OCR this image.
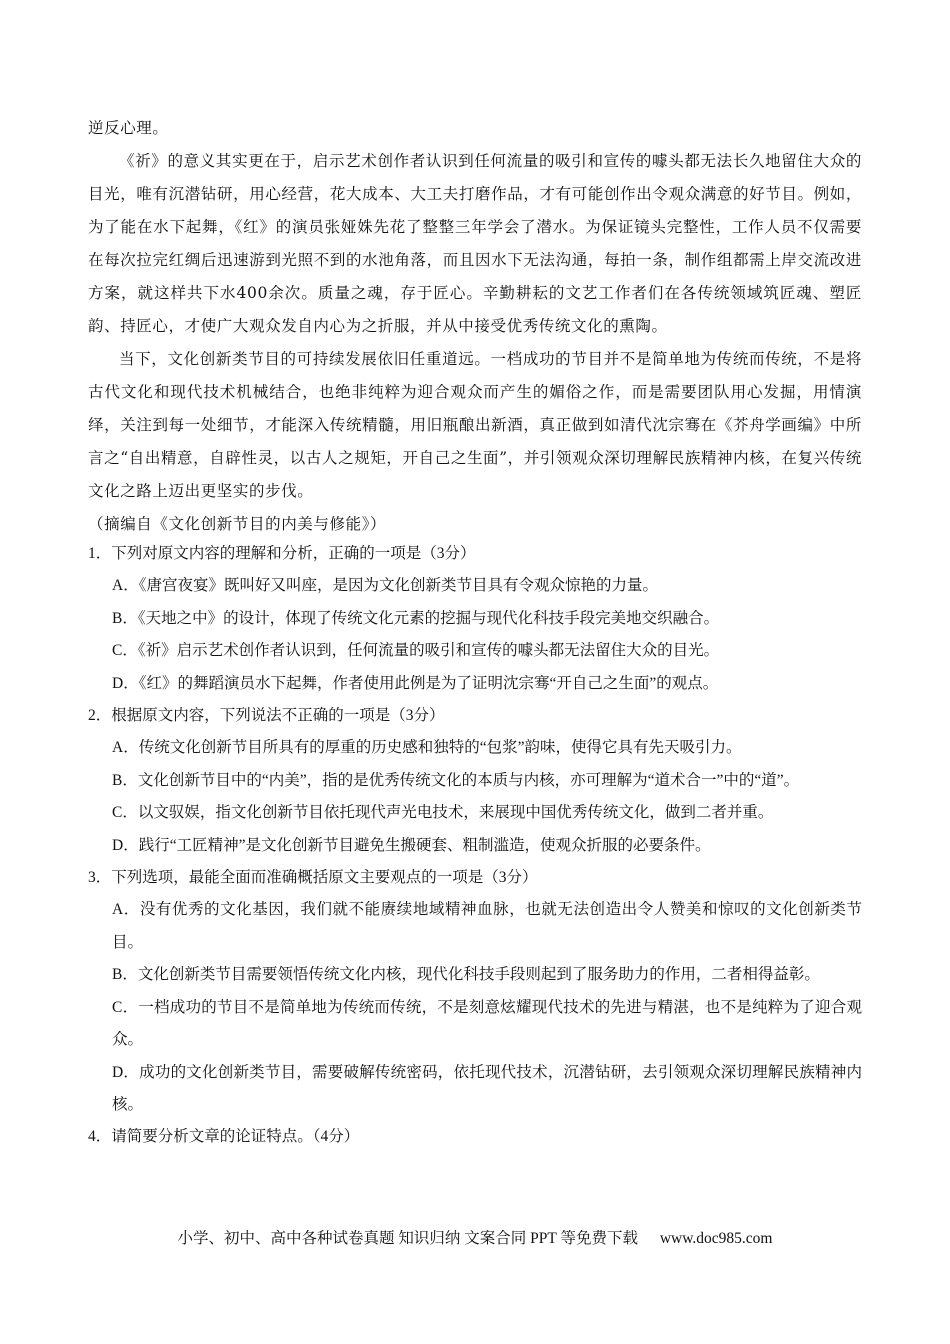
逆反心理。

《祈》的意义其实更在于，启示艺术创作者认识到任何流量的吸引和宣传的噱头都无法长久地留住大众的目光，唯有沉潜钻研，用心经营，花大成本、大工夫打磨作品，才有可能创作出令观众满意的好节目。例如，为了能在水下起舞，《红》的演员张娅姝先花了整整三年学会了潜水。为保证镜头完整性，工作人员不仅需要在每次拉完红绸后迅速游到光照不到的水池角落，而且因水下无法沟通，每拍一条，制作组都需上岸交流改进方案，就这样共下水400余次。质量之魂，存于匠心。辛勤耕耘的文艺工作者们在各传统领域筑匠魂、塑匠韵、持匠心，才使广大观众发自内心为之折服，并从中接受优秀传统文化的熏陶。

当下，文化创新类节目的可持续发展依旧任重道远。一档成功的节目并不是简单地为传统而传统，不是将古代文化和现代技术机械结合，也绝非纯粹为迎合观众而产生的媚俗之作，而是需要团队用心发掘，用情演绎，关注到每一处细节，才能深入传统精髓，用旧瓶酿出新酒，真正做到如清代沈宗骞在《芥舟学画编》中所言之“自出精意，自辟性灵，以古人之规矩，开自己之生面”，并引领观众深切理解民族精神内核，在复兴传统文化之路上迈出更坚实的步伐。

（摘编自《文化创新节目的内美与修能》）

1．下列对原文内容的理解和分析，正确的一项是（3分）

A．《唐宫夜宴》既叫好又叫座，是因为文化创新类节目具有令观众惊艳的力量。

B．《天地之中》的设计，体现了传统文化元素的挖掘与现代化科技手段完美地交织融合。

C．《祈》启示艺术创作者认识到，任何流量的吸引和宣传的噱头都无法留住大众的目光。

D．《红》的舞蹈演员水下起舞，作者使用此例是为了证明沈宗骞“开自己之生面”的观点。

2．根据原文内容，下列说法不正确的一项是（3分）

A．传统文化创新节目所具有的厚重的历史感和独特的“包浆”韵味，使得它具有先天吸引力。

B．文化创新节目中的“内美”，指的是优秀传统文化的本质与内核，亦可理解为“道术合一”中的“道”。

C．以文驭娱，指文化创新节目依托现代声光电技术，来展现中国优秀传统文化，做到二者并重。

D．践行“工匠精神”是文化创新节目避免生搬硬套、粗制滥造，使观众折服的必要条件。

3．下列选项，最能全面而准确概括原文主要观点的一项是（3分）

A．没有优秀的文化基因，我们就不能赓续地域精神血脉，也就无法创造出令人赞美和惊叹的文化创新类节目。

B．文化创新类节目需要领悟传统文化内核，现代化科技手段则起到了服务助力的作用，二者相得益彰。

C．一档成功的节目不是简单地为传统而传统，不是刻意炫耀现代技术的先进与精湛，也不是纯粹为了迎合观众。

D．成功的文化创新类节目，需要破解传统密码，依托现代技术，沉潜钻研，去引领观众深切理解民族精神内核。

4．请简要分析文章的论证特点。（4分）

小学、初中、高中各种试卷真题 知识归纳 文案合同 PPT 等免费下载 www.doc985.com
